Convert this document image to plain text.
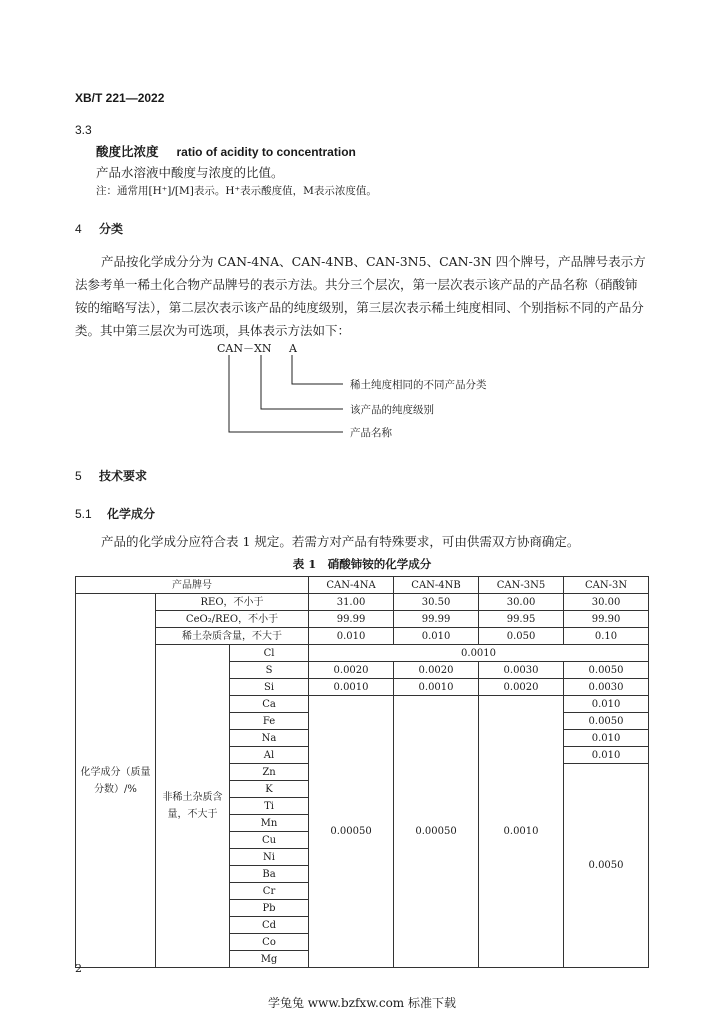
XB/T 221—2022
3.3
酸度比浓度 ratio of acidity to concentration
产品水溶液中酸度与浓度的比值。
注：通常用[H⁺]/[M]表示。H⁺表示酸度值，M表示浓度值。
4 分类
产品按化学成分分为 CAN-4NA、CAN-4NB、CAN-3N5、CAN-3N 四个牌号，产品牌号表示方法参考单一稀土化合物产品牌号的表示方法。共分三个层次，第一层次表示该产品的产品名称（硝酸铈铵的缩略写法），第二层次表示该产品的纯度级别，第三层次表示稀土纯度相同、个别指标不同的产品分类。其中第三层次为可选项，具体表示方法如下：
CAN－XN A
稀土纯度相同的不同产品分类
该产品的纯度级别
产品名称
5 技术要求
5.1 化学成分
产品的化学成分应符合表 1 规定。若需方对产品有特殊要求，可由供需双方协商确定。
表 1　硝酸铈铵的化学成分
产品牌号			CAN-4NA	CAN-4NB	CAN-3N5	CAN-3N
化学成分（质量分数）/%	REO，不小于		31.00	30.50	30.00	30.00
	CeO₂/REO，不小于		99.99	99.99	99.95	99.90
	稀土杂质含量，不大于		0.010	0.010	0.050	0.10
	非稀土杂质含量，不大于	Cl	0.0010			
		S	0.0020	0.0020	0.0030	0.0050
		Si	0.0010	0.0010	0.0020	0.0030
		Ca	0.00050	0.00050	0.0010	0.010
		Fe				0.0050
		Na				0.010
		Al				0.010
		Zn				0.0050
		K				
		Ti				
		Mn				
		Cu				
		Ni				
		Ba				
		Cr				
		Pb				
		Cd				
		Co				
		Mg				
2
学兔兔 www.bzfxw.com 标准下载
